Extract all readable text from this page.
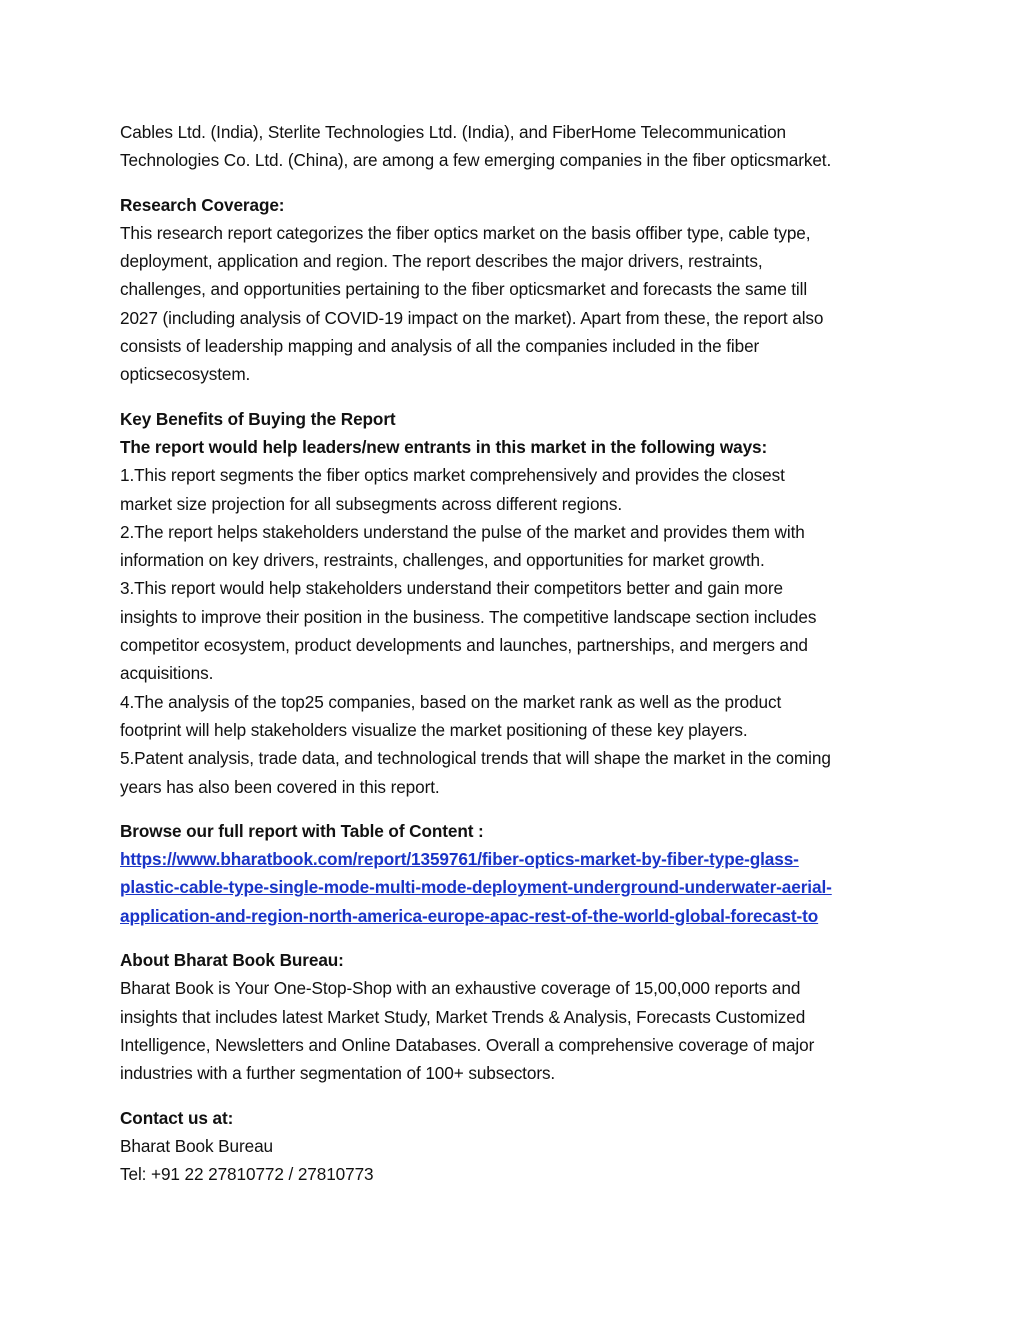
Cables Ltd. (India), Sterlite Technologies Ltd. (India), and FiberHome Telecommunication
Technologies Co. Ltd. (China), are among a few emerging companies in the fiber opticsmarket.
Research Coverage:
This research report categorizes the fiber optics market on the basis offiber type, cable type,
deployment, application and region. The report describes the major drivers, restraints,
challenges, and opportunities pertaining to the fiber opticsmarket and forecasts the same till
2027 (including analysis of COVID-19 impact on the market). Apart from these, the report also
consists of leadership mapping and analysis of all the companies included in the fiber
opticsecosystem.
Key Benefits of Buying the Report
The report would help leaders/new entrants in this market in the following ways:
1.This report segments the fiber optics market comprehensively and provides the closest
market size projection for all subsegments across different regions.
2.The report helps stakeholders understand the pulse of the market and provides them with
information on key drivers, restraints, challenges, and opportunities for market growth.
3.This report would help stakeholders understand their competitors better and gain more
insights to improve their position in the business. The competitive landscape section includes
competitor ecosystem, product developments and launches, partnerships, and mergers and
acquisitions.
4.The analysis of the top25 companies, based on the market rank as well as the product
footprint will help stakeholders visualize the market positioning of these key players.
5.Patent analysis, trade data, and technological trends that will shape the market in the coming
years has also been covered in this report.
Browse our full report with Table of Content :
https://www.bharatbook.com/report/1359761/fiber-optics-market-by-fiber-type-glass-
plastic-cable-type-single-mode-multi-mode-deployment-underground-underwater-aerial-
application-and-region-north-america-europe-apac-rest-of-the-world-global-forecast-to
About Bharat Book Bureau:
Bharat Book is Your One-Stop-Shop with an exhaustive coverage of 15,00,000 reports and
insights that includes latest Market Study, Market Trends & Analysis, Forecasts Customized
Intelligence, Newsletters and Online Databases. Overall a comprehensive coverage of major
industries with a further segmentation of 100+ subsectors.
Contact us at:
Bharat Book Bureau
Tel: +91 22 27810772 / 27810773
